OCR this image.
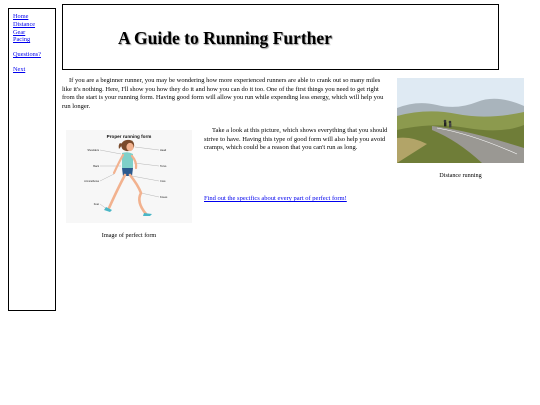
Home
Distance
Gear
Pacing
Questions?
Next
A Guide to Running Further

If you are a beginner runner, you may be wondering how more experienced runners are able to crank out so many miles like it's nothing. Here, I'll show you how they do it and how you can do it too. One of the first things you need to get right from the start is your running form. Having good form will allow you run while expending less energy, which will help you run longer.

Distance running
Proper running form
Shoulders
Back
Arms/elbows
Feet
Head
Torso
Core
Knees
Image of perfect form

Take a look at this picture, which shows everything that you should strive to have. Having this type of good form will also help you avoid cramps, which could be a reason that you can't run as long.

Find out the specifics about every part of perfect form!
